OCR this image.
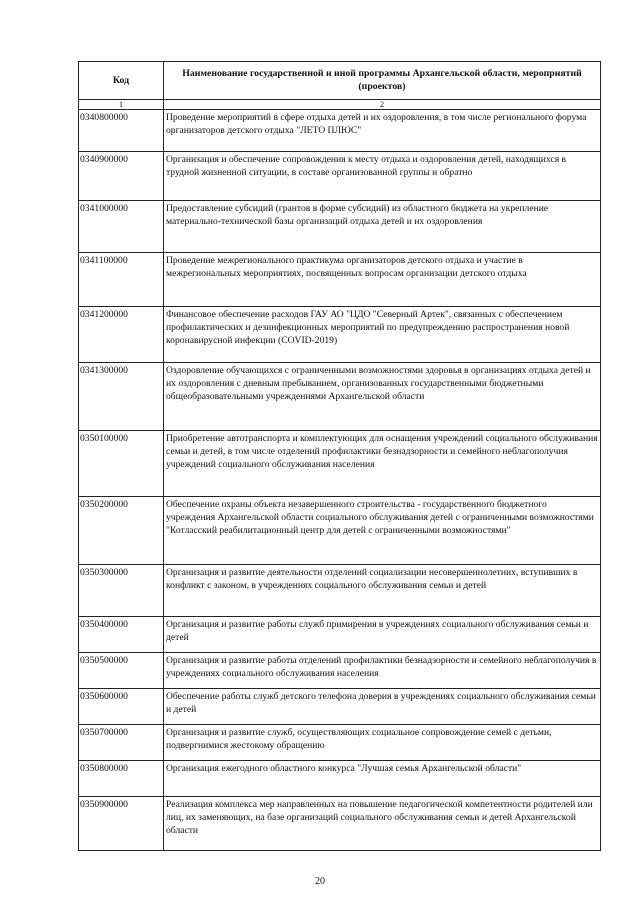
Код	Наименование государственной и иной программы Архангельской области, мероприятий (проектов)
1	2
0340800000	Проведение мероприятий в сфере отдыха детей и их оздоровления, в том числе регионального форума организаторов детского отдыха "ЛЕТО ПЛЮС"
0340900000	Организация и обеспечение сопровождения к месту отдыха и оздоровления детей, находящихся в трудной жизненной ситуации, в составе организованной группы и обратно
0341000000	Предоставление субсидий (грантов в форме субсидий) из областного бюджета на укрепление материально-технической базы организаций отдыха детей и их оздоровления
0341100000	Проведение межрегионального практикума организаторов детского отдыха и участие в межрегиональных мероприятиях, посвященных вопросам организации детского отдыха
0341200000	Финансовое обеспечение расходов ГАУ АО "ЦДО "Северный Артек", связанных с обеспечением профилактических и дезинфекционных мероприятий по предупреждению распространения новой коронавирусной инфекции (COVID-2019)
0341300000	Оздоровление обучающихся с ограниченными возможностями здоровья в организациях отдыха детей и их оздоровления с дневным пребыванием, организованных государственными бюджетными общеобразовательными учреждениями Архангельской области
0350100000	Приобретение автотранспорта и комплектующих для оснащения учреждений социального обслуживания семьи и детей, в том числе отделений профилактики безнадзорности и семейного неблагополучия учреждений социального обслуживания населения
0350200000	Обеспечение охраны объекта незавершенного строительства - государственного бюджетного учреждения Архангельской области социального обслуживания детей с ограниченными возможностями "Котласский реабилитационный центр для детей с ограниченными возможностями"
0350300000	Организация и развитие деятельности отделений социализации несовершеннолетних, вступивших в конфликт с законом, в учреждениях социального обслуживания семьи и детей
0350400000	Организация и развитие работы служб примирения в учреждениях социального обслуживания семьи и детей
0350500000	Организация и развитие работы отделений профилактики безнадзорности и семейного неблагополучия в учреждениях социального обслуживания населения
0350600000	Обеспечение работы служб детского телефона доверия в учреждениях социального обслуживания семьи и детей
0350700000	Организация и развитие служб, осуществляющих социальное сопровождение семей с детьми, подвергнимися жестокому обращению
0350800000	Организация ежегодного областного конкурса "Лучшая семья Архангельской области"
0350900000	Реализация комплекса мер направленных на повышение педагогической компетентности родителей или лиц, их заменяющих, на базе организаций социального обслуживания семьи и детей Архангельской области
20
